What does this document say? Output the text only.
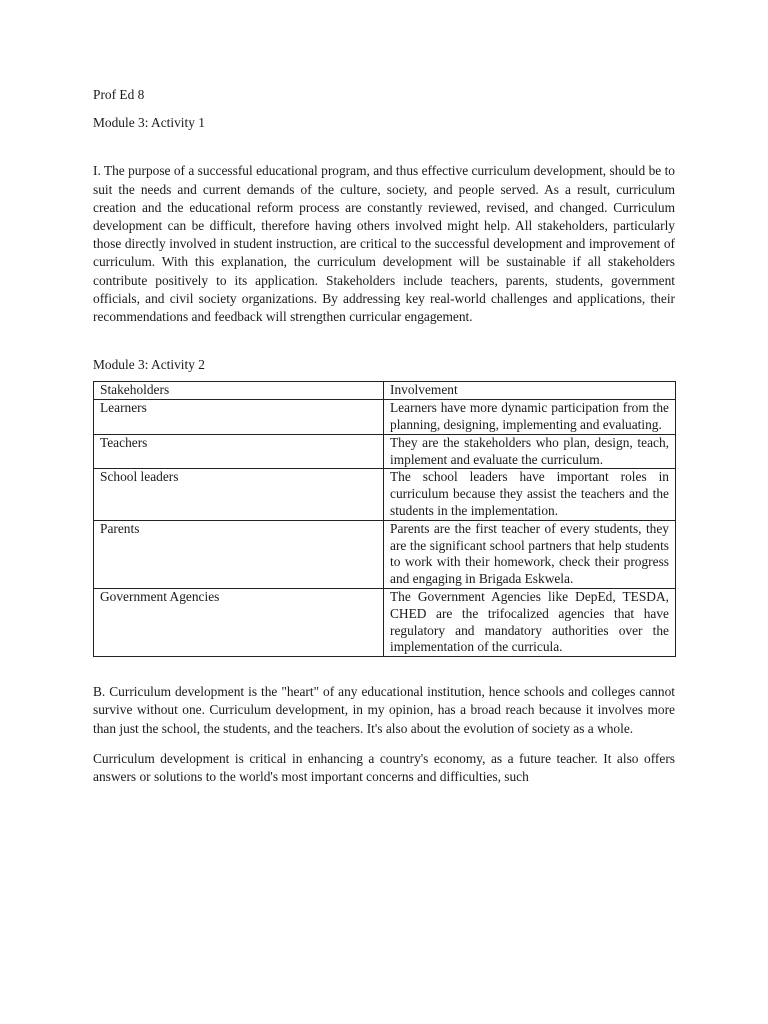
Prof Ed 8

Module 3: Activity 1

I. The purpose of a successful educational program, and thus effective curriculum development, should be to suit the needs and current demands of the culture, society, and people served. As a result, curriculum creation and the educational reform process are constantly reviewed, revised, and changed. Curriculum development can be difficult, therefore having others involved might help. All stakeholders, particularly those directly involved in student instruction, are critical to the successful development and improvement of curriculum. With this explanation, the curriculum development will be sustainable if all stakeholders contribute positively to its application. Stakeholders include teachers, parents, students, government officials, and civil society organizations. By addressing key real-world challenges and applications, their recommendations and feedback will strengthen curricular engagement.

Module 3: Activity 2

Stakeholders	Involvement
Learners	Learners have more dynamic participation from the planning, designing, implementing and evaluating.
Teachers	They are the stakeholders who plan, design, teach, implement and evaluate the curriculum.
School leaders	The school leaders have important roles in curriculum because they assist the teachers and the students in the implementation.
Parents	Parents are the first teacher of every students, they are the significant school partners that help students to work with their homework, check their progress and engaging in Brigada Eskwela.
Government Agencies	The Government Agencies like DepEd, TESDA, CHED are the trifocalized agencies that have regulatory and mandatory authorities over the implementation of the curricula.

B. Curriculum development is the "heart" of any educational institution, hence schools and colleges cannot survive without one. Curriculum development, in my opinion, has a broad reach because it involves more than just the school, the students, and the teachers. It's also about the evolution of society as a whole.

Curriculum development is critical in enhancing a country's economy, as a future teacher. It also offers answers or solutions to the world's most important concerns and difficulties, such
